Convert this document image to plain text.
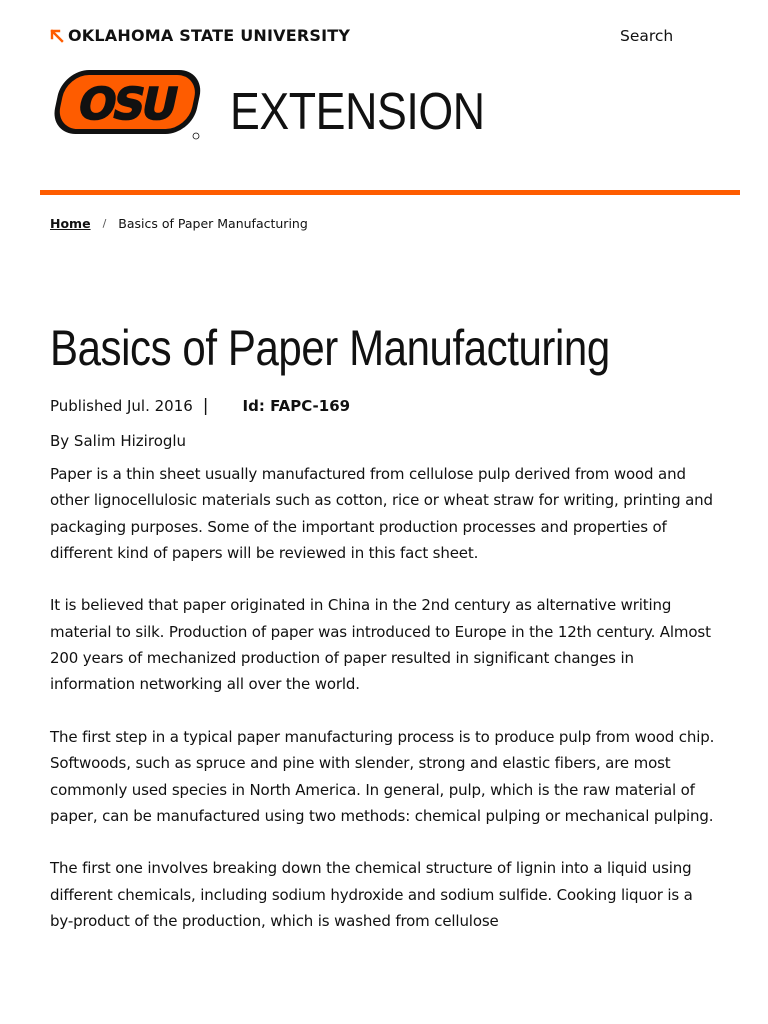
OKLAHOMA STATE UNIVERSITY	Search
OSU EXTENSION
Home / Basics of Paper Manufacturing
Basics of Paper Manufacturing
Published Jul. 2016 | Id: FAPC-169
By Salim Hiziroglu

Paper is a thin sheet usually manufactured from cellulose pulp derived from wood and other lignocellulosic materials such as cotton, rice or wheat straw for writing, printing and packaging purposes. Some of the important production processes and properties of different kind of papers will be reviewed in this fact sheet.

It is believed that paper originated in China in the 2nd century as alternative writing material to silk. Production of paper was introduced to Europe in the 12th century. Almost 200 years of mechanized production of paper resulted in significant changes in information networking all over the world.

The first step in a typical paper manufacturing process is to produce pulp from wood chip. Softwoods, such as spruce and pine with slender, strong and elastic fibers, are most commonly used species in North America. In general, pulp, which is the raw material of paper, can be manufactured using two methods: chemical pulping or mechanical pulping.

The first one involves breaking down the chemical structure of lignin into a liquid using different chemicals, including sodium hydroxide and sodium sulfide. Cooking liquor is a by-product of the production, which is washed from cellulose
